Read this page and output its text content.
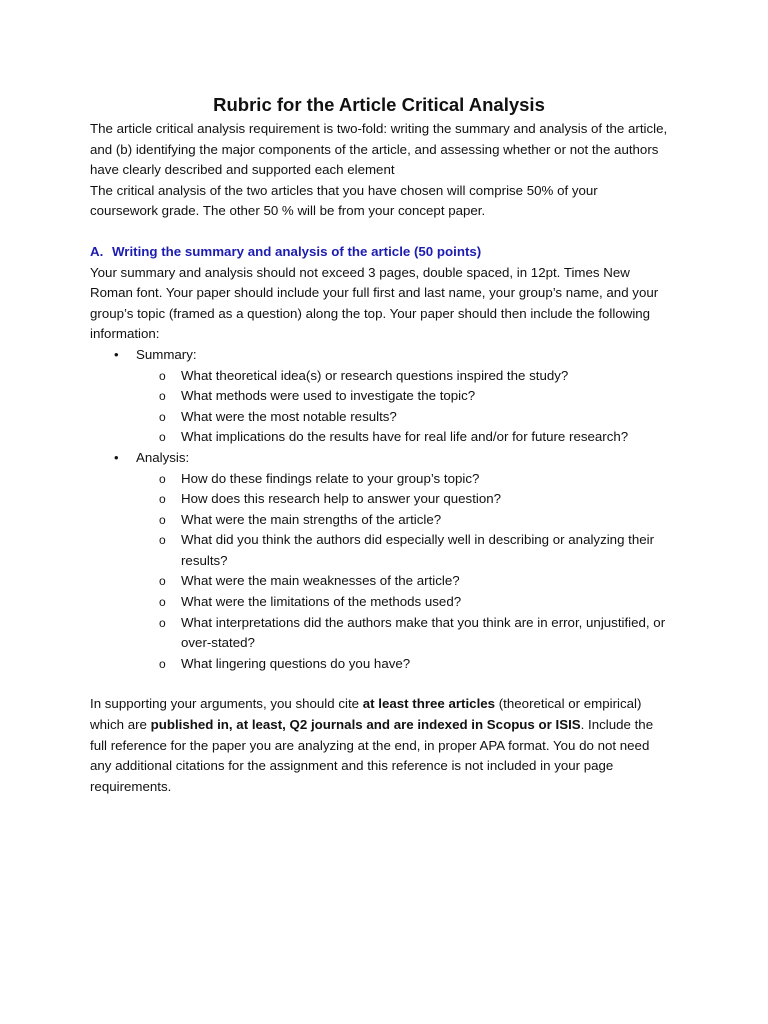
Rubric for the Article Critical Analysis

The article critical analysis requirement is two-fold: writing the summary and analysis of the article, and (b) identifying the major components of the article, and assessing whether or not the authors have clearly described and supported each element

The critical analysis of the two articles that you have chosen will comprise 50% of your coursework grade. The other 50 % will be from your concept paper.

A. Writing the summary and analysis of the article (50 points)

Your summary and analysis should not exceed 3 pages, double spaced, in 12pt. Times New Roman font. Your paper should include your full first and last name, your group’s name, and your group’s topic (framed as a question) along the top. Your paper should then include the following information:

• Summary:
o What theoretical idea(s) or research questions inspired the study?
o What methods were used to investigate the topic?
o What were the most notable results?
o What implications do the results have for real life and/or for future research?
• Analysis:
o How do these findings relate to your group’s topic?
o How does this research help to answer your question?
o What were the main strengths of the article?
o What did you think the authors did especially well in describing or analyzing their results?
o What were the main weaknesses of the article?
o What were the limitations of the methods used?
o What interpretations did the authors make that you think are in error, unjustified, or over-stated?
o What lingering questions do you have?

In supporting your arguments, you should cite at least three articles (theoretical or empirical) which are published in, at least, Q2 journals and are indexed in Scopus or ISIS. Include the full reference for the paper you are analyzing at the end, in proper APA format. You do not need any additional citations for the assignment and this reference is not included in your page requirements.
